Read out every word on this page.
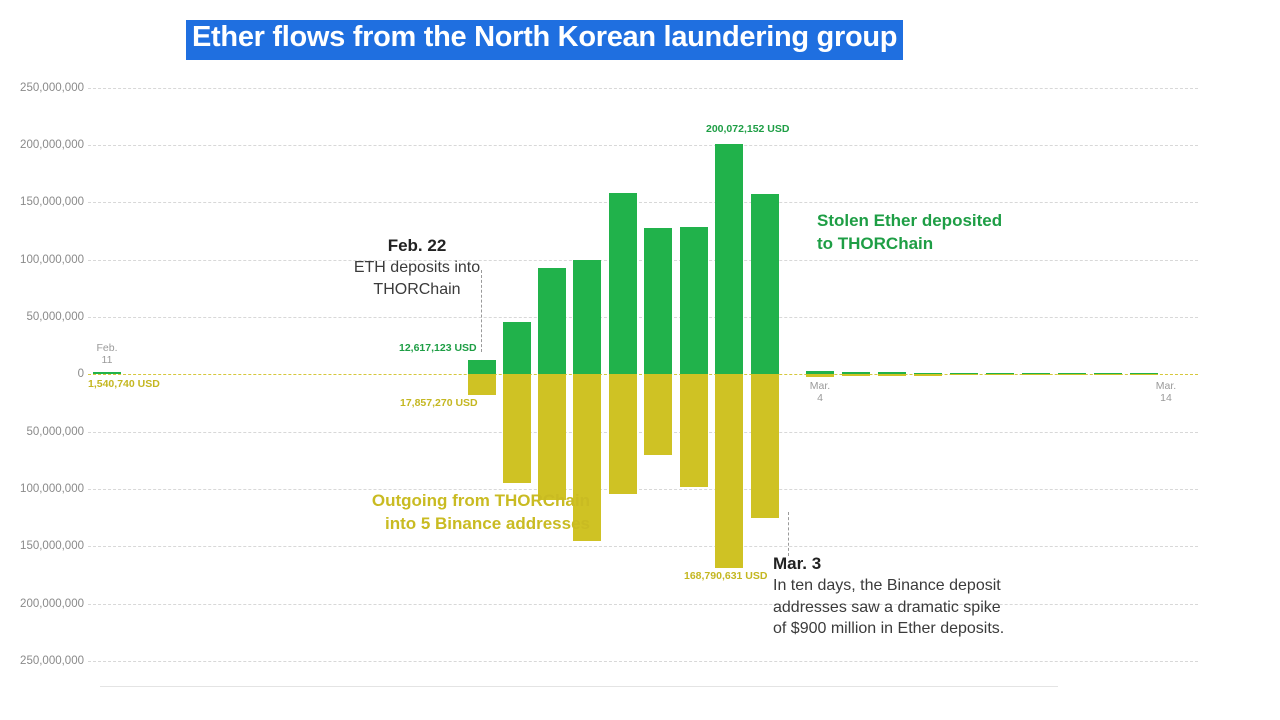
Ether flows from the North Korean laundering group
250,000,000
200,000,000
150,000,000
100,000,000
50,000,000
0
50,000,000
100,000,000
150,000,000
200,000,000
250,000,000
Feb.
11
Mar.
4
Mar.
14
1,540,740 USD
12,617,123 USD
17,857,270 USD
200,072,152 USD
168,790,631 USD
Feb. 22
ETH deposits into
THORChain
Mar. 3
In ten days, the Binance deposit
addresses saw a dramatic spike
of $900 million in Ether deposits.
Stolen Ether deposited
to THORChain
Outgoing from THORChain
into 5 Binance addresses
